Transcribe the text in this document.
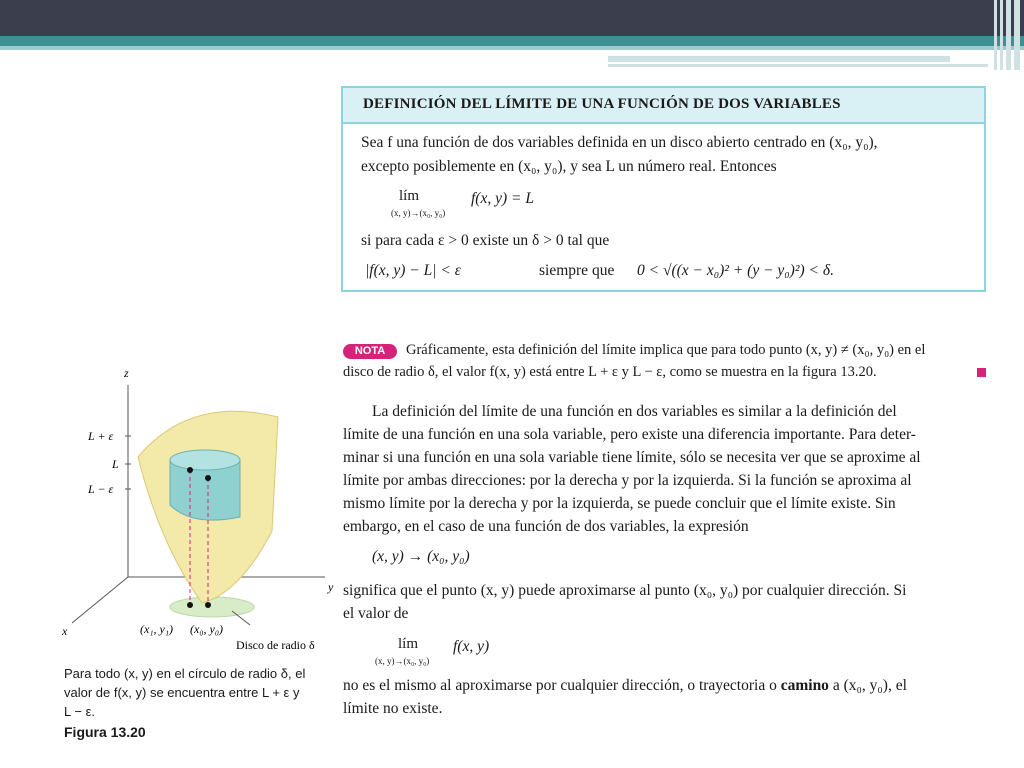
DEFINICIÓN DEL LÍMITE DE UNA FUNCIÓN DE DOS VARIABLES
Sea f una función de dos variables definida en un disco abierto centrado en (x₀, y₀),
excepto posiblemente en (x₀, y₀), y sea L un número real. Entonces
lím
(x, y)→(x₀, y₀)
f(x, y) = L
si para cada ε > 0 existe un δ > 0 tal que
|f(x, y) − L| < ε	siempre que 0 < √((x − x₀)² + (y − y₀)²) < δ.
NOTA	Gráficamente, esta definición del límite implica que para todo punto (x, y) ≠ (x₀, y₀) en el
disco de radio δ, el valor f(x, y) está entre L + ε y L − ε, como se muestra en la figura 13.20.
La definición del límite de una función en dos variables es similar a la definición del
límite de una función en una sola variable, pero existe una diferencia importante. Para deter-
minar si una función en una sola variable tiene límite, sólo se necesita ver que se aproxime al
límite por ambas direcciones: por la derecha y por la izquierda. Si la función se aproxima al
mismo límite por la derecha y por la izquierda, se puede concluir que el límite existe. Sin
embargo, en el caso de una función de dos variables, la expresión
(x, y) → (x₀, y₀)
significa que el punto (x, y) puede aproximarse al punto (x₀, y₀) por cualquier dirección. Si
el valor de
lím
(x, y)→(x₀, y₀)
f(x, y)
no es el mismo al aproximarse por cualquier dirección, o trayectoria o camino a (x₀, y₀), el
límite no existe.
z
y
x
L + ε
L
L − ε
(x₁, y₁) (x₀, y₀)
Disco de radio δ
Para todo (x, y) en el círculo de radio δ, el
valor de f(x, y) se encuentra entre L + ε y
L − ε.
Figura 13.20
